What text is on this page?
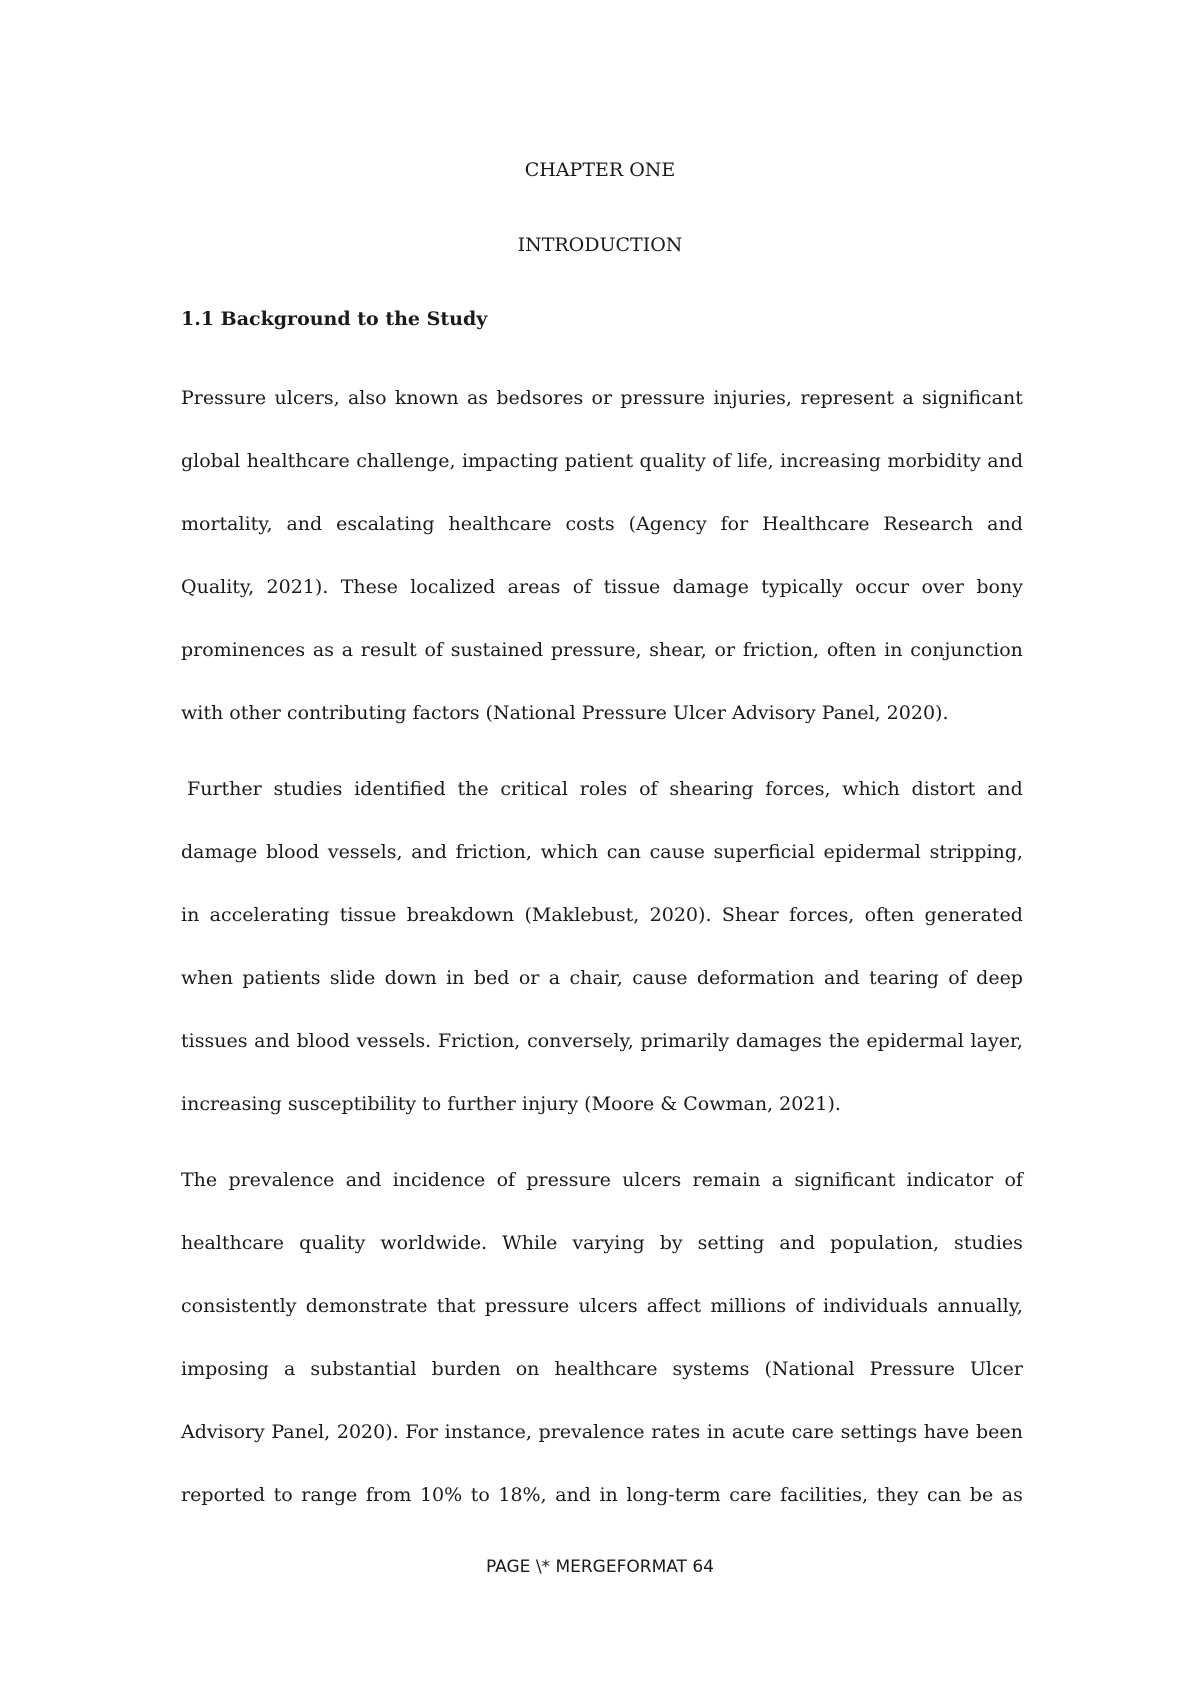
CHAPTER ONE
INTRODUCTION
1.1 Background to the Study
Pressure ulcers, also known as bedsores or pressure injuries, represent a significant
global healthcare challenge, impacting patient quality of life, increasing morbidity and
mortality, and escalating healthcare costs (Agency for Healthcare Research and
Quality, 2021). These localized areas of tissue damage typically occur over bony
prominences as a result of sustained pressure, shear, or friction, often in conjunction
with other contributing factors (National Pressure Ulcer Advisory Panel, 2020).
Further studies identified the critical roles of shearing forces, which distort and
damage blood vessels, and friction, which can cause superficial epidermal stripping,
in accelerating tissue breakdown (Maklebust, 2020). Shear forces, often generated
when patients slide down in bed or a chair, cause deformation and tearing of deep
tissues and blood vessels. Friction, conversely, primarily damages the epidermal layer,
increasing susceptibility to further injury (Moore & Cowman, 2021).
The prevalence and incidence of pressure ulcers remain a significant indicator of
healthcare quality worldwide. While varying by setting and population, studies
consistently demonstrate that pressure ulcers affect millions of individuals annually,
imposing a substantial burden on healthcare systems (National Pressure Ulcer
Advisory Panel, 2020). For instance, prevalence rates in acute care settings have been
reported to range from 10% to 18%, and in long-term care facilities, they can be as
PAGE \* MERGEFORMAT 64
